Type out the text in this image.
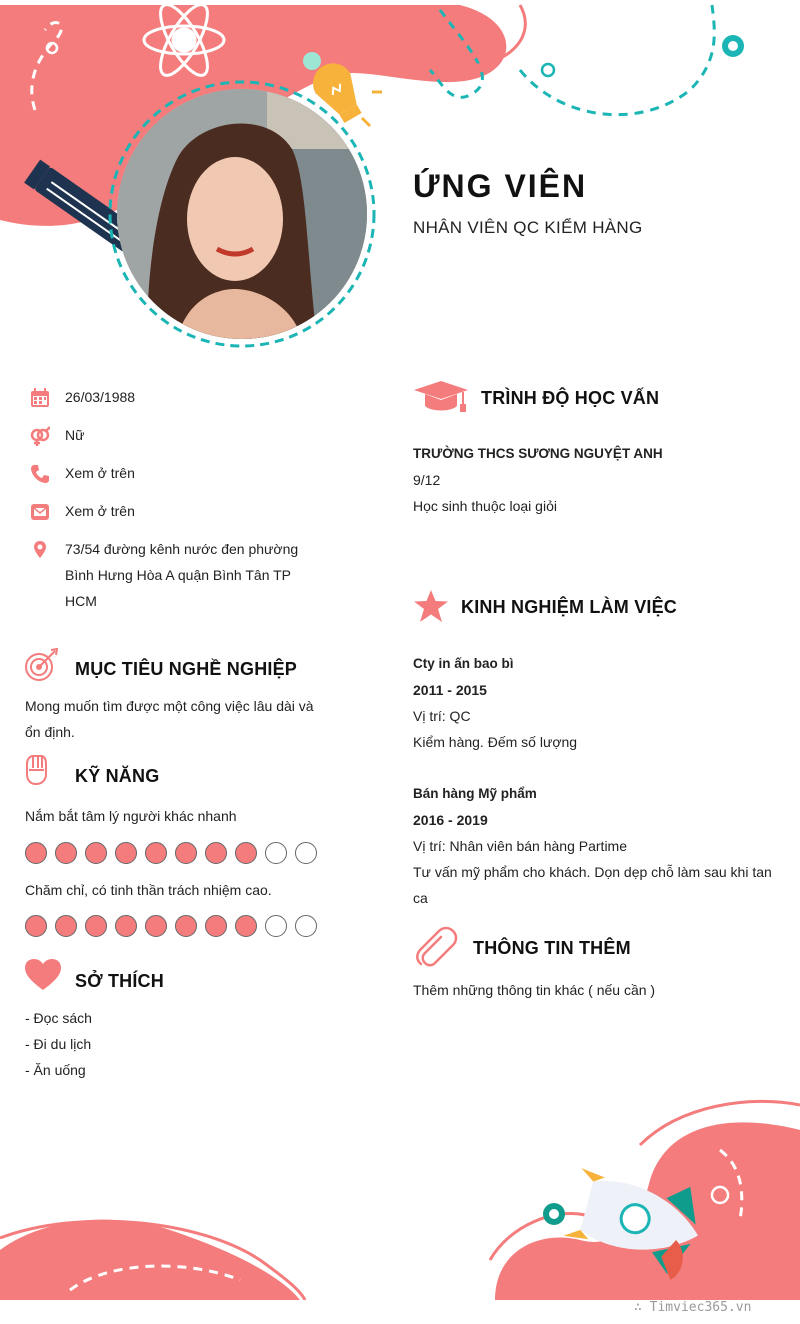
ỨNG VIÊN
NHÂN VIÊN QC KIỂM HÀNG
26/03/1988
Nữ
Xem ở trên
Xem ở trên
73/54 đường kênh nước đen phường
Bình Hưng Hòa A quận Bình Tân TP
HCM
MỤC TIÊU NGHỀ NGHIỆP
Mong muốn tìm được một công việc lâu dài và
ổn định.
KỸ NĂNG
Nắm bắt tâm lý người khác nhanh
Chăm chỉ, có tinh thần trách nhiệm cao.
SỞ THÍCH
- Đọc sách
- Đi du lịch
- Ăn uống
TRÌNH ĐỘ HỌC VẤN
TRƯỜNG THCS SƯƠNG NGUYỆT ANH
9/12
Học sinh thuộc loại giỏi
KINH NGHIỆM LÀM VIỆC
Cty in ấn bao bì
2011 - 2015
Vị trí: QC
Kiểm hàng. Đếm số lượng
Bán hàng Mỹ phẩm
2016 - 2019
Vị trí: Nhân viên bán hàng Partime
Tư vấn mỹ phẩm cho khách. Dọn dẹp chỗ làm sau khi tan
ca
THÔNG TIN THÊM
Thêm những thông tin khác ( nếu cần )
∴ Timviec365.vn
